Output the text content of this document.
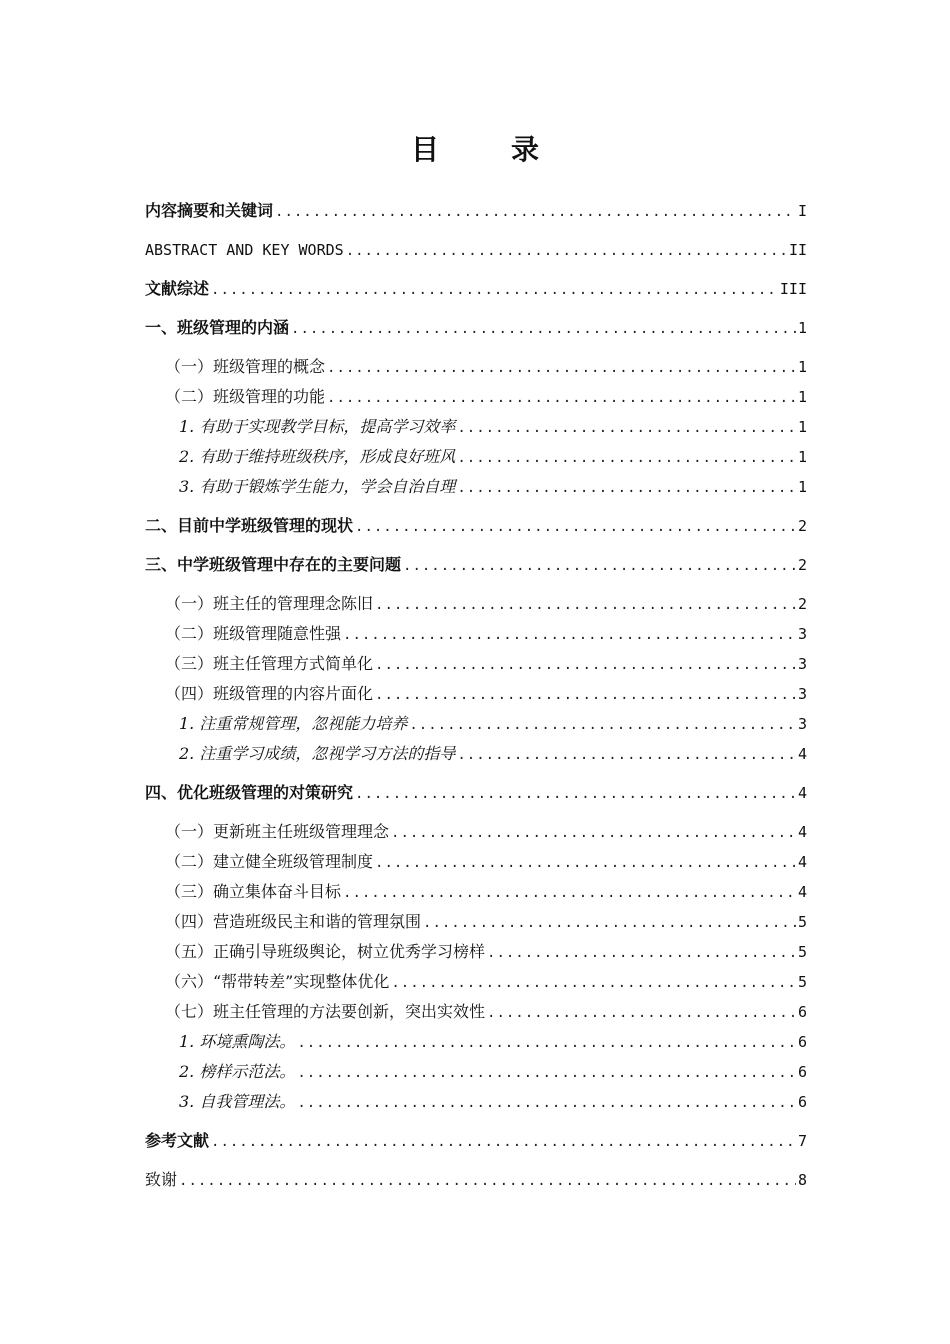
目	录
内容摘要和关键词 .....	I
ABSTRACT AND KEY WORDS .....	II
文献综述 .....	III
一、班级管理的内涵 .....	1
（一）班级管理的概念 .....	1
（二）班级管理的功能 .....	1
1. 有助于实现教学目标，提高学习效率 .....	1
2. 有助于维持班级秩序，形成良好班风 .....	1
3. 有助于锻炼学生能力，学会自治自理 .....	1
二、目前中学班级管理的现状 .....	2
三、中学班级管理中存在的主要问题 .....	2
（一）班主任的管理理念陈旧 .....	2
（二）班级管理随意性强 .....	3
（三）班主任管理方式简单化 .....	3
（四）班级管理的内容片面化 .....	3
1. 注重常规管理，忽视能力培养 .....	3
2. 注重学习成绩，忽视学习方法的指导 .....	4
四、优化班级管理的对策研究 .....	4
（一）更新班主任班级管理理念 .....	4
（二）建立健全班级管理制度 .....	4
（三）确立集体奋斗目标 .....	4
（四）营造班级民主和谐的管理氛围 .....	5
（五）正确引导班级舆论，树立优秀学习榜样 .....	5
（六）“帮带转差”实现整体优化 .....	5
（七）班主任管理的方法要创新，突出实效性 .....	6
1. 环境熏陶法。 .....	6
2. 榜样示范法。 .....	6
3. 自我管理法。 .....	6
参考文献 .....	7
致谢 .....	8
